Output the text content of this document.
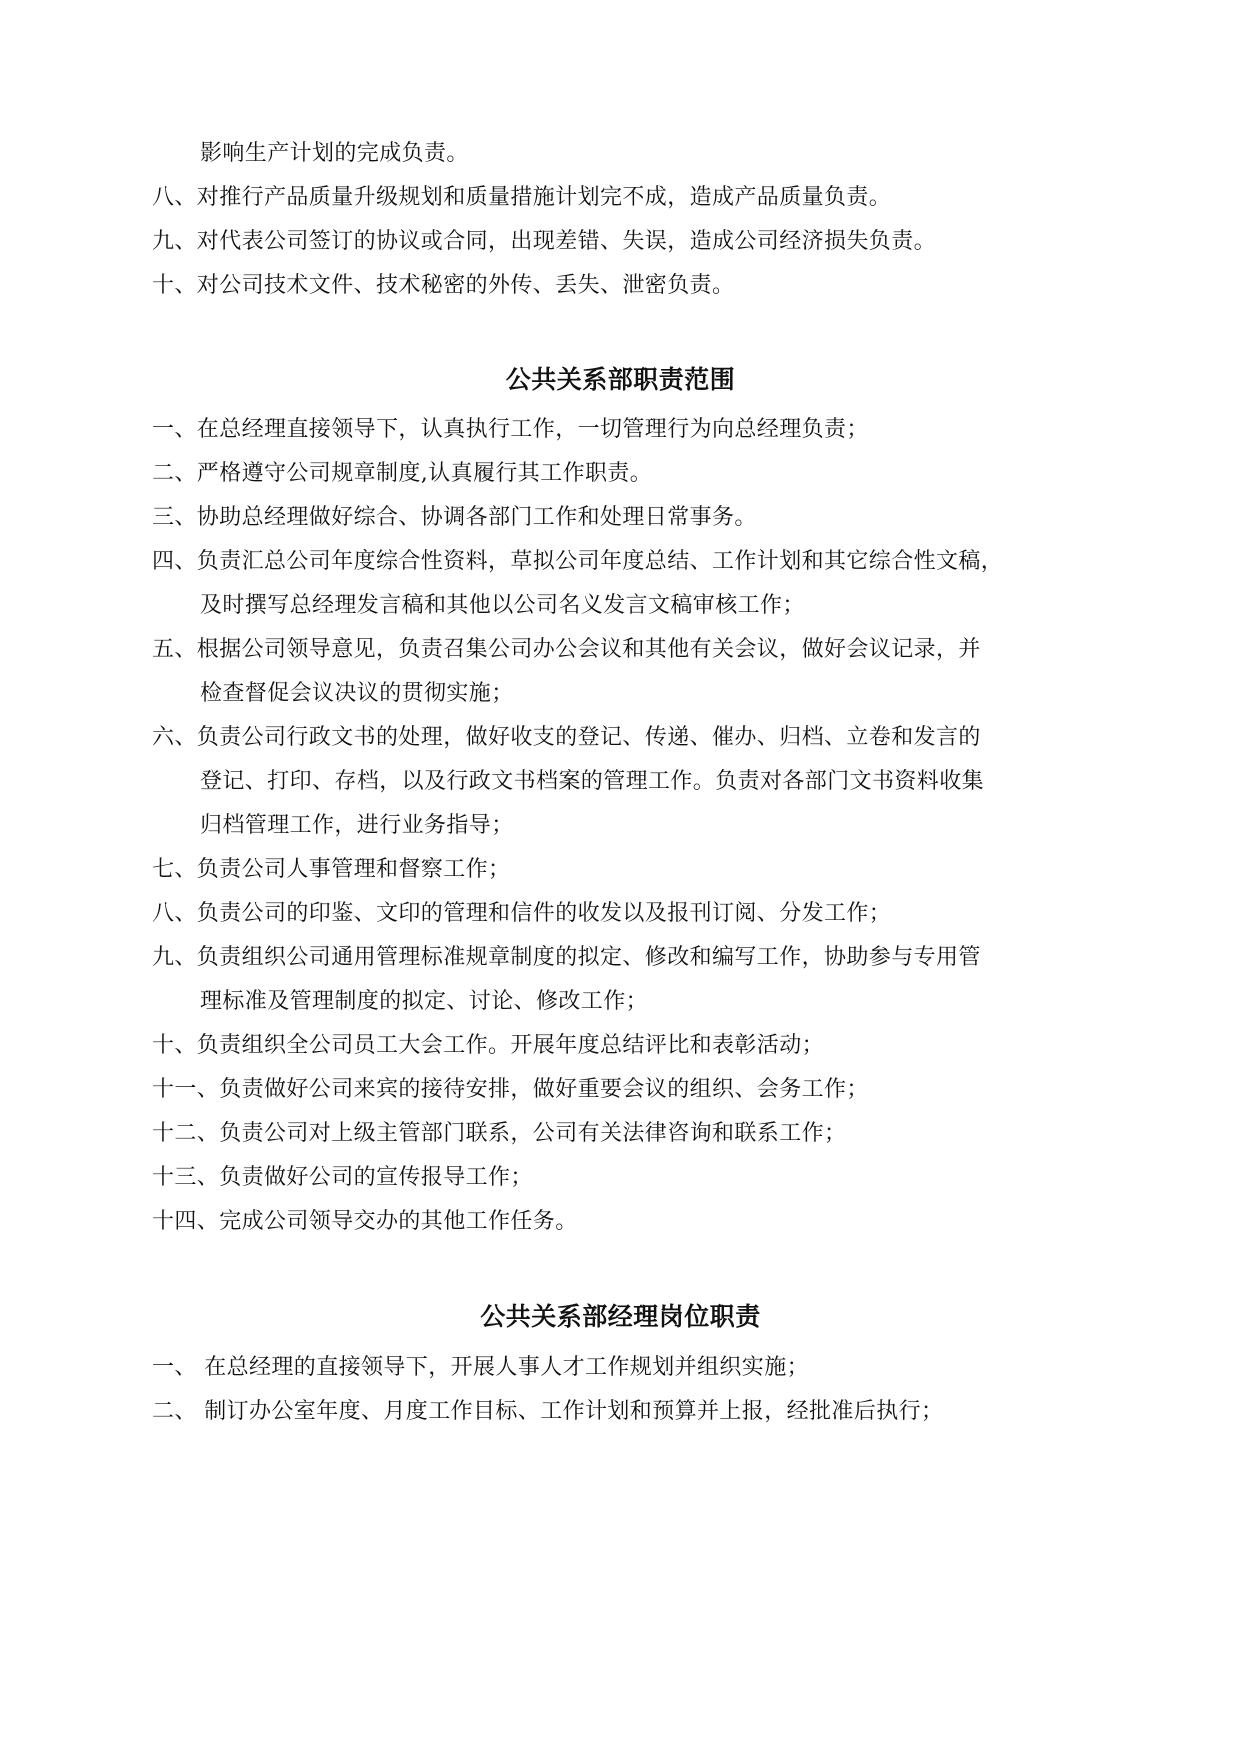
影响生产计划的完成负责。
八、对推行产品质量升级规划和质量措施计划完不成，造成产品质量负责。
九、对代表公司签订的协议或合同，出现差错、失误，造成公司经济损失负责。
十、对公司技术文件、技术秘密的外传、丢失、泄密负责。
公共关系部职责范围
一、在总经理直接领导下，认真执行工作，一切管理行为向总经理负责；
二、严格遵守公司规章制度,认真履行其工作职责。
三、协助总经理做好综合、协调各部门工作和处理日常事务。
四、负责汇总公司年度综合性资料，草拟公司年度总结、工作计划和其它综合性文稿，
及时撰写总经理发言稿和其他以公司名义发言文稿审核工作；
五、根据公司领导意见，负责召集公司办公会议和其他有关会议，做好会议记录，并
检查督促会议决议的贯彻实施；
六、负责公司行政文书的处理，做好收支的登记、传递、催办、归档、立卷和发言的
登记、打印、存档，以及行政文书档案的管理工作。负责对各部门文书资料收集
归档管理工作，进行业务指导；
七、负责公司人事管理和督察工作；
八、负责公司的印鉴、文印的管理和信件的收发以及报刊订阅、分发工作；
九、负责组织公司通用管理标准规章制度的拟定、修改和编写工作，协助参与专用管
理标准及管理制度的拟定、讨论、修改工作；
十、负责组织全公司员工大会工作。开展年度总结评比和表彰活动；
十一、负责做好公司来宾的接待安排，做好重要会议的组织、会务工作；
十二、负责公司对上级主管部门联系，公司有关法律咨询和联系工作；
十三、负责做好公司的宣传报导工作；
十四、完成公司领导交办的其他工作任务。
公共关系部经理岗位职责
一、 在总经理的直接领导下，开展人事人才工作规划并组织实施；
二、 制订办公室年度、月度工作目标、工作计划和预算并上报，经批准后执行；
